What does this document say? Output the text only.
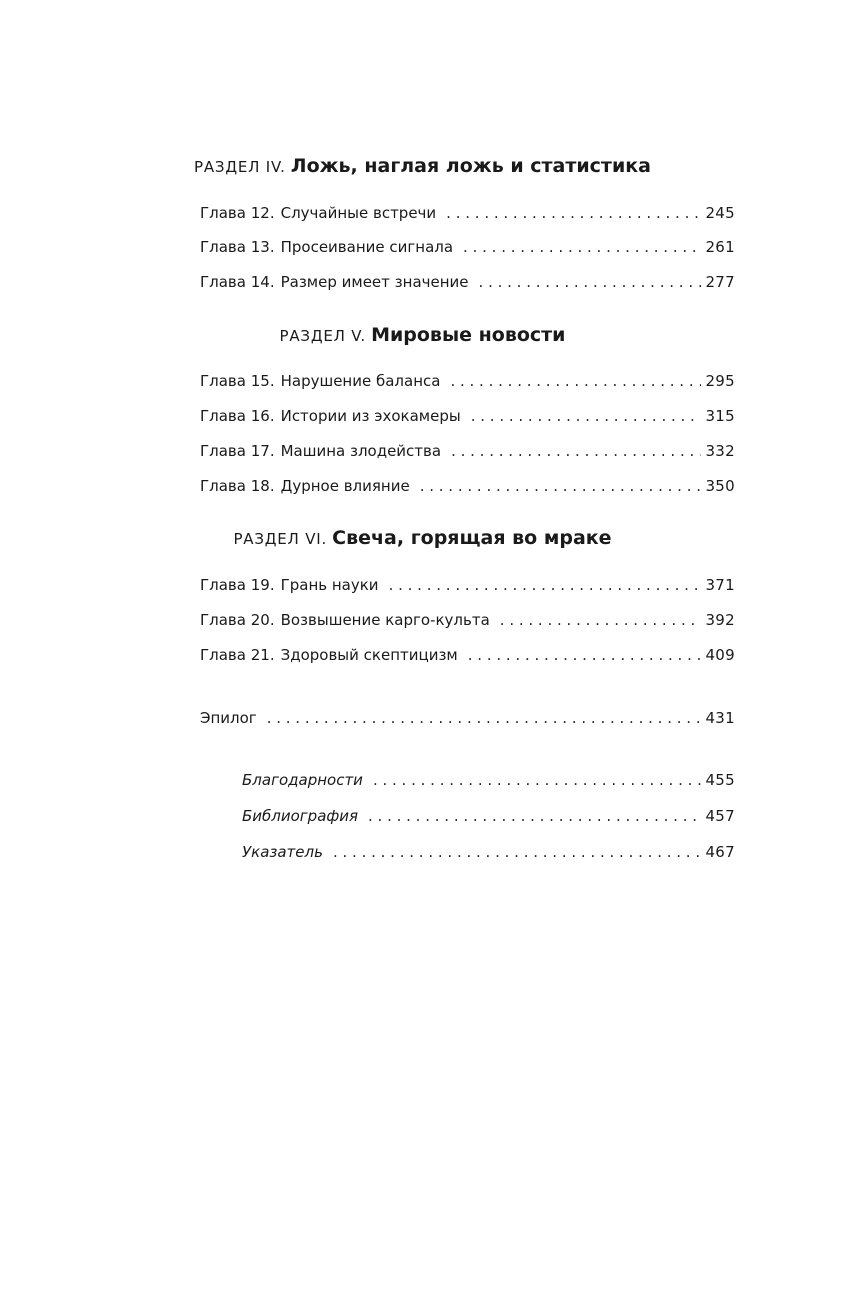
РАЗДЕЛ IV. Ложь, наглая ложь и статистика
Глава 12. Случайные встречи . . .	245
Глава 13. Просеивание сигнала . . .	261
Глава 14. Размер имеет значение . . .	277
РАЗДЕЛ V. Мировые новости
Глава 15. Нарушение баланса . . .	295
Глава 16. Истории из эхокамеры . . .	315
Глава 17. Машина злодейства . . .	332
Глава 18. Дурное влияние . . .	350
РАЗДЕЛ VI. Свеча, горящая во мраке
Глава 19. Грань науки . . .	371
Глава 20. Возвышение карго-культа . . .	392
Глава 21. Здоровый скептицизм . . .	409
Эпилог . . .	431
Благодарности . . .	455
Библиография . . .	457
Указатель . . .	467
